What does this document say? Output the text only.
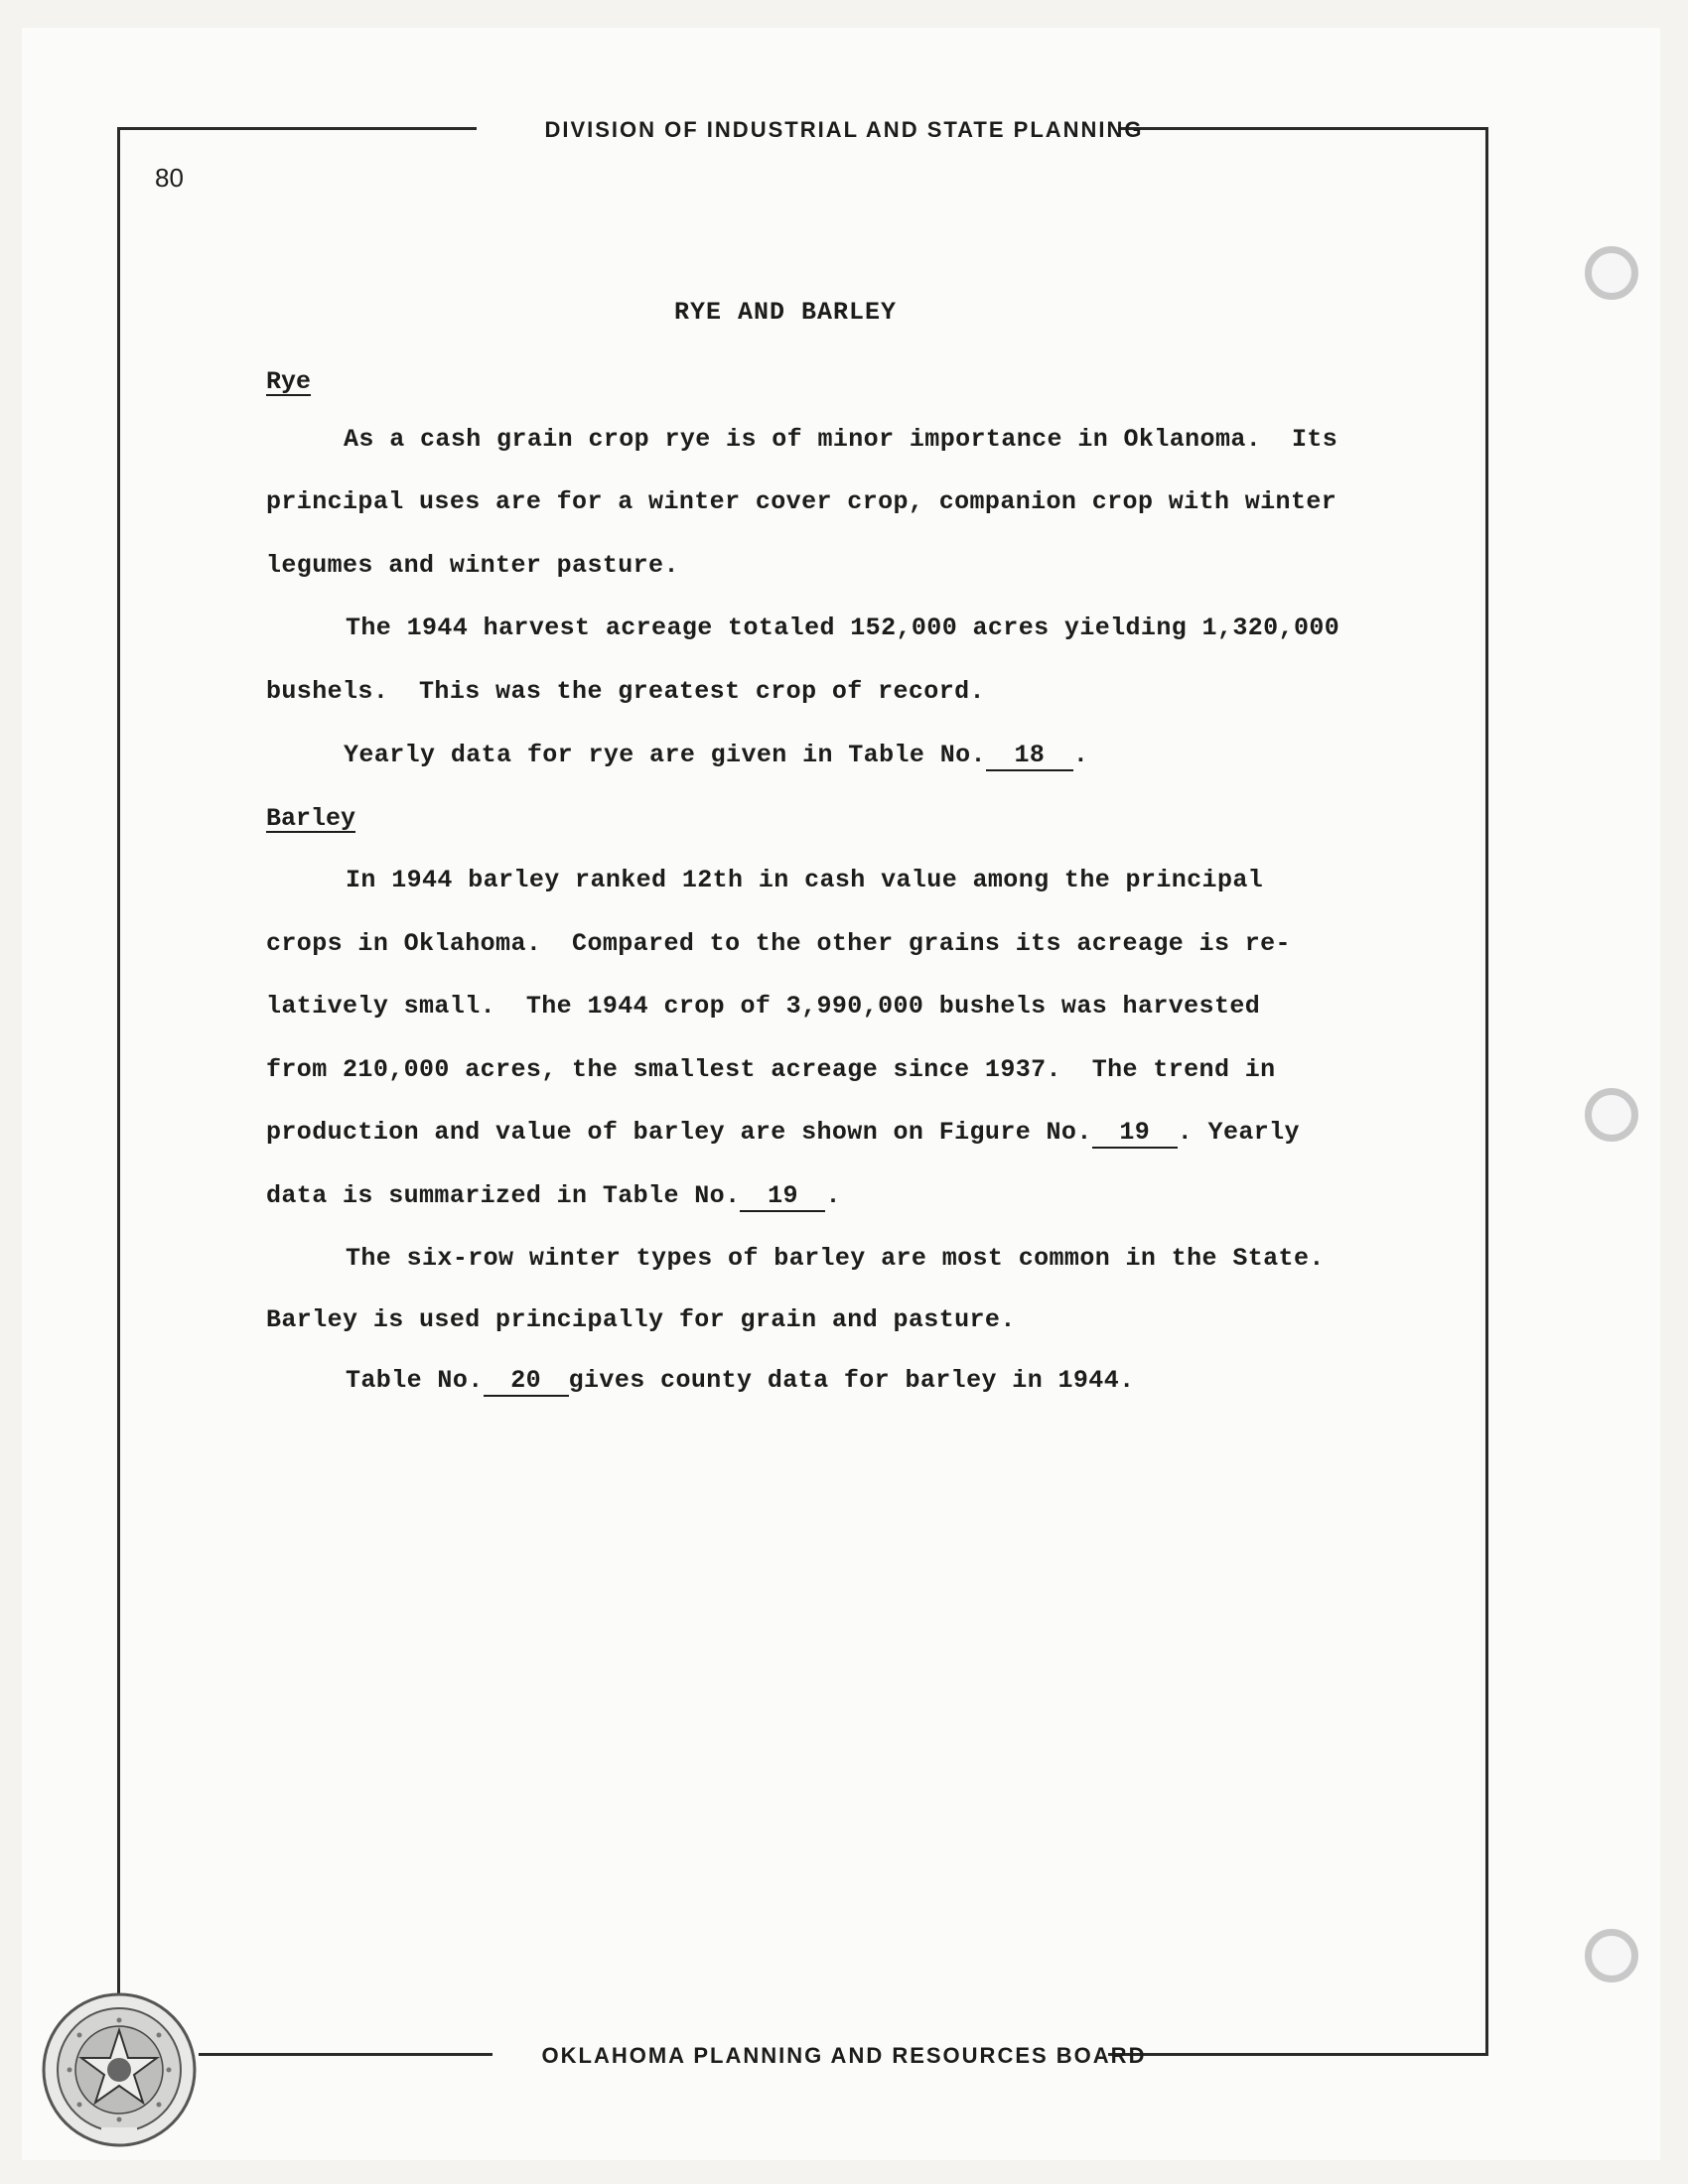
DIVISION OF INDUSTRIAL AND STATE PLANNING
80
RYE AND BARLEY
Rye
As a cash grain crop rye is of minor importance in Oklanoma.  Its
principal uses are for a winter cover crop, companion crop with winter
legumes and winter pasture.
The 1944 harvest acreage totaled 152,000 acres yielding 1,320,000
bushels.  This was the greatest crop of record.
Yearly data for rye are given in Table No. 18 .
Barley
In 1944 barley ranked 12th in cash value among the principal
crops in Oklahoma.  Compared to the other grains its acreage is re-
latively small.  The 1944 crop of 3,990,000 bushels was harvested
from 210,000 acres, the smallest acreage since 1937.  The trend in
production and value of barley are shown on Figure No. 19 . Yearly
data is summarized in Table No. 19 .
The six-row winter types of barley are most common in the State.
Barley is used principally for grain and pasture.
Table No. 20 gives county data for barley in 1944.
OKLAHOMA PLANNING AND RESOURCES BOARD
